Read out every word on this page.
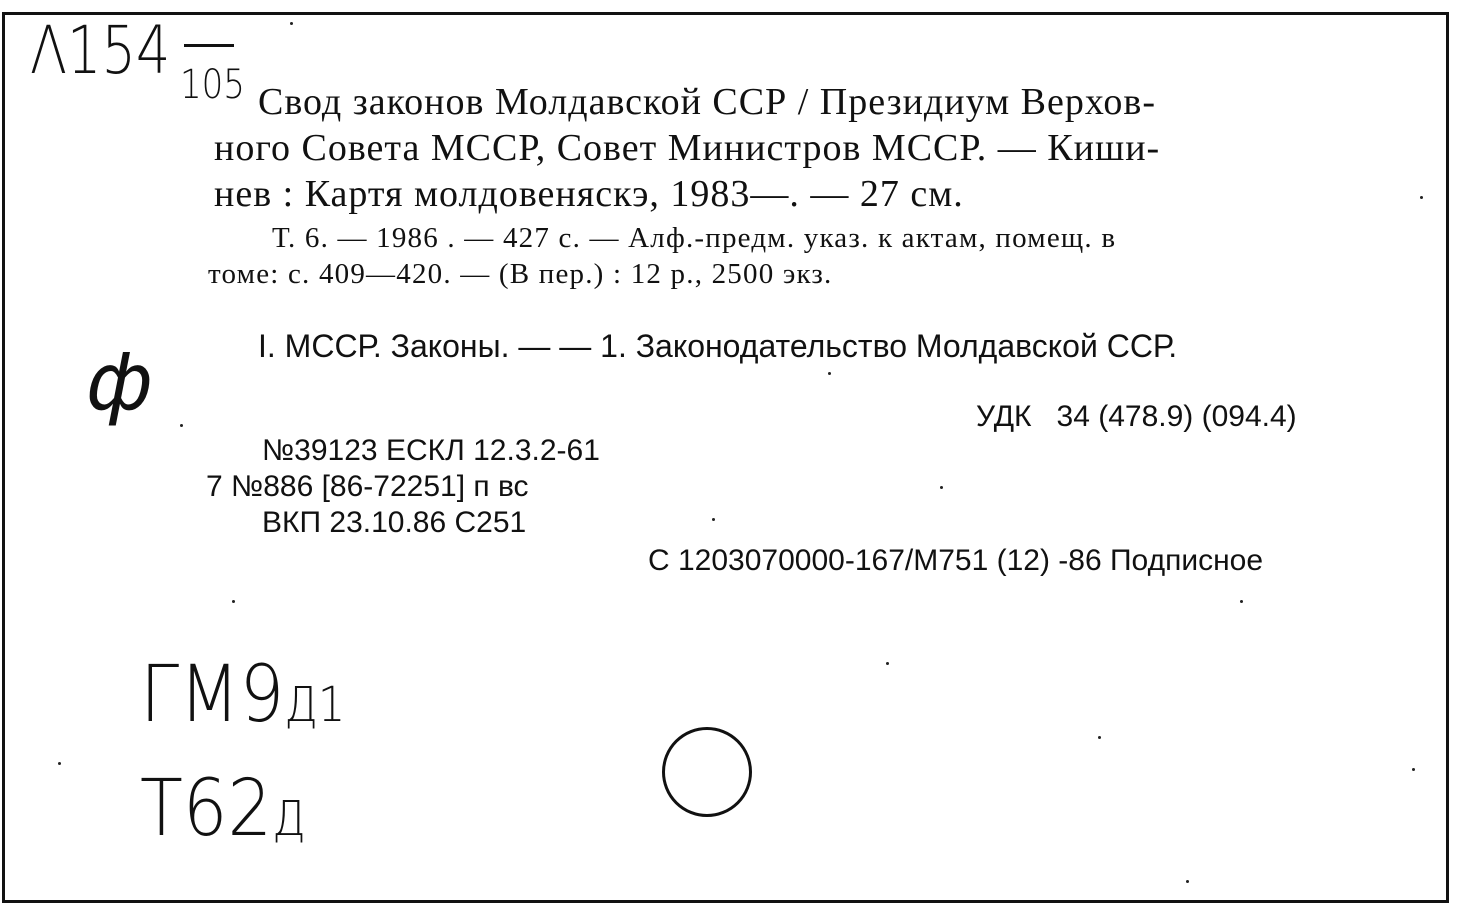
Λ154 105
ф
ГМ9Д1
Т62Д
Свод законов Молдавской ССР / Президиум Верхов-
ного Совета МССР, Совет Министров МССР. — Киши-
нев : Картя молдовеняскэ, 1983—. — 27 см.
Т. 6. — 1986 . — 427 с. — Алф.-предм. указ. к актам, помещ. в
томе: с. 409—420. — (В пер.) : 12 р., 2500 экз.
I. МССР. Законы. — — 1. Законодательство Молдавской ССР.
УДК   34 (478.9) (094.4)
№39123 ЕСКЛ 12.3.2-61
7 №886 [86-72251] п вс
ВКП 23.10.86 С251
С 1203070000-167/М751 (12) -86 Подписное
